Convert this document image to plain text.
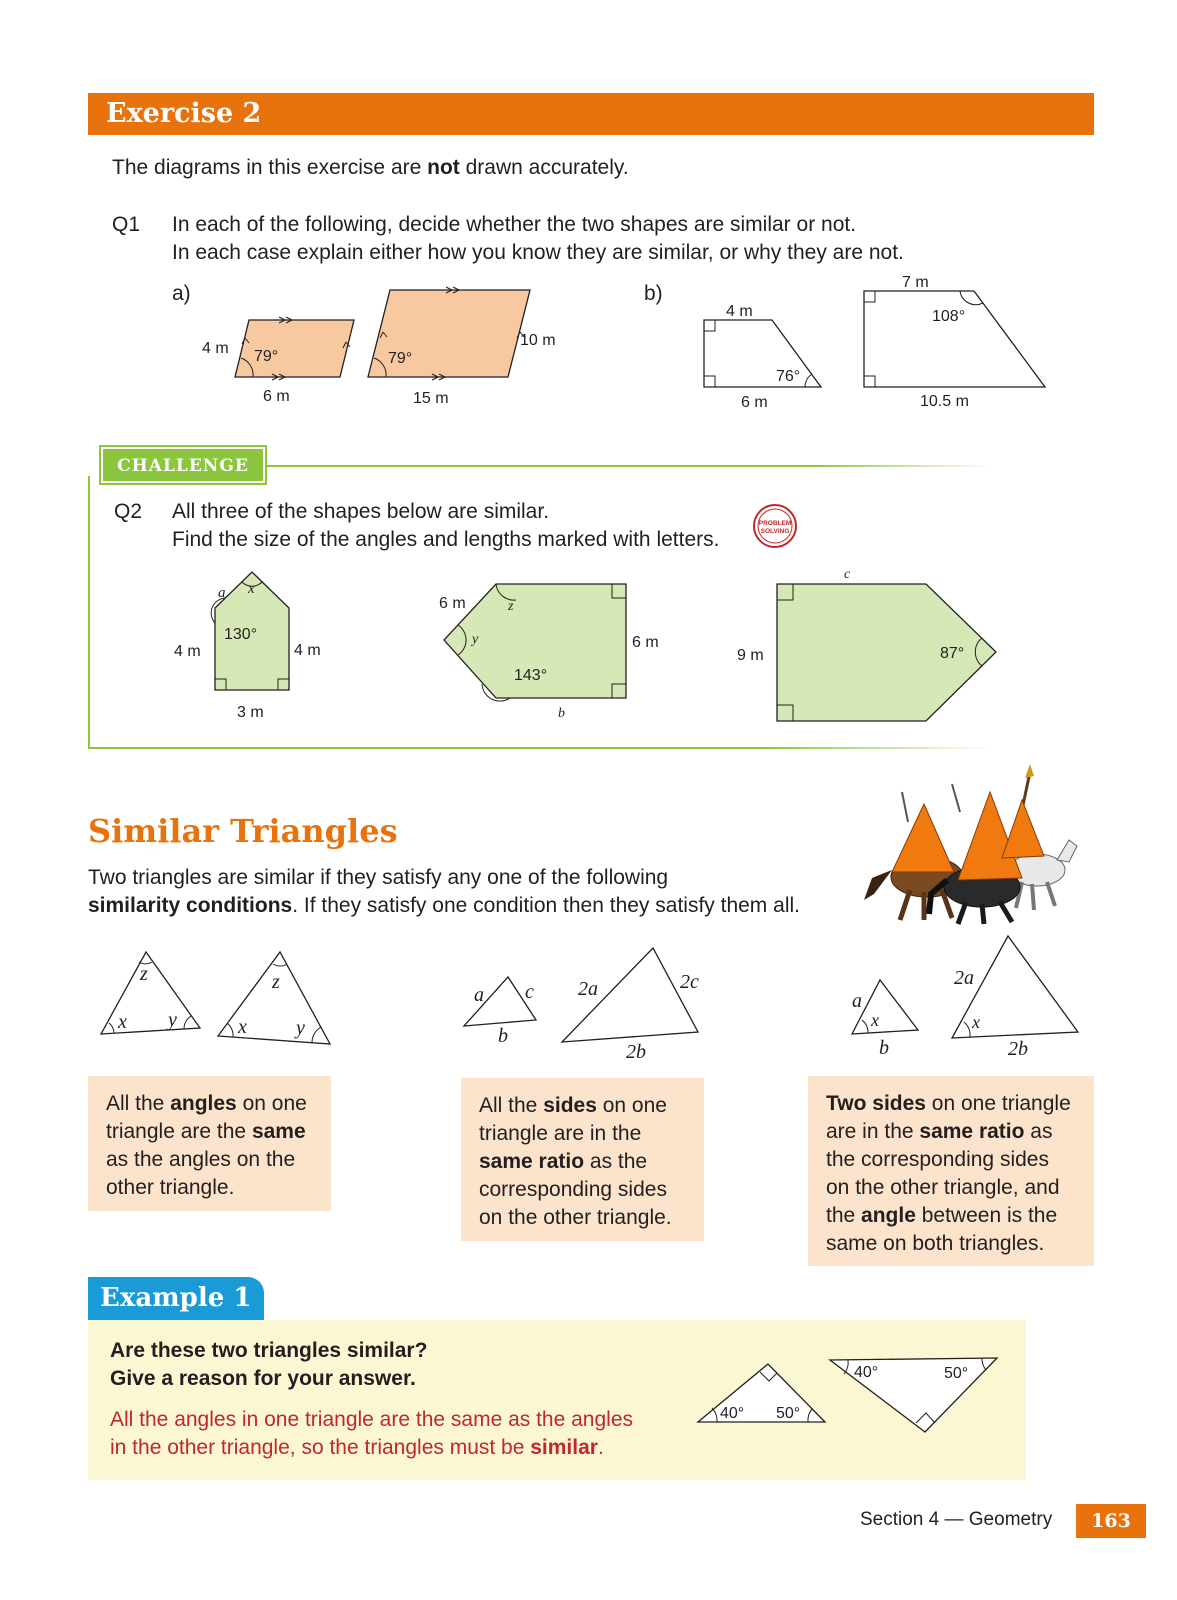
Exercise 2
The diagrams in this exercise are not drawn accurately.
Q1 In each of the following, decide whether the two shapes are similar or not.
In each case explain either how you know they are similar, or why they are not.
a)	b)
4 m 79°
6 m
79°
10 m
15 m
4 m
76°
6 m
7 m
108°
10.5 m
CHALLENGE
Q2 All three of the shapes below are similar.
Find the size of the angles and lengths marked with letters.
PROBLEM
SOLVING
a x
130°
4 m	4 m
3 m
6 m	z
y
143°
6 m
b
c
9 m	87°
Similar Triangles
Two triangles are similar if they satisfy any one of the following
similarity conditions. If they satisfy one condition then they satisfy them all.
z
x y
z
x y
a c
b
2a	2c
2b
a
x
b
2a
x
2b
All the angles on one triangle are the same as the angles on the other triangle.
All the sides on one triangle are in the same ratio as the corresponding sides on the other triangle.
Two sides on one triangle are in the same ratio as the corresponding sides on the other triangle, and the angle between is the same on both triangles.
Example 1
Are these two triangles similar?
Give a reason for your answer.
All the angles in one triangle are the same as the angles
in the other triangle, so the triangles must be similar.
40° 50°
40°	50°
Section 4 — Geometry	163
